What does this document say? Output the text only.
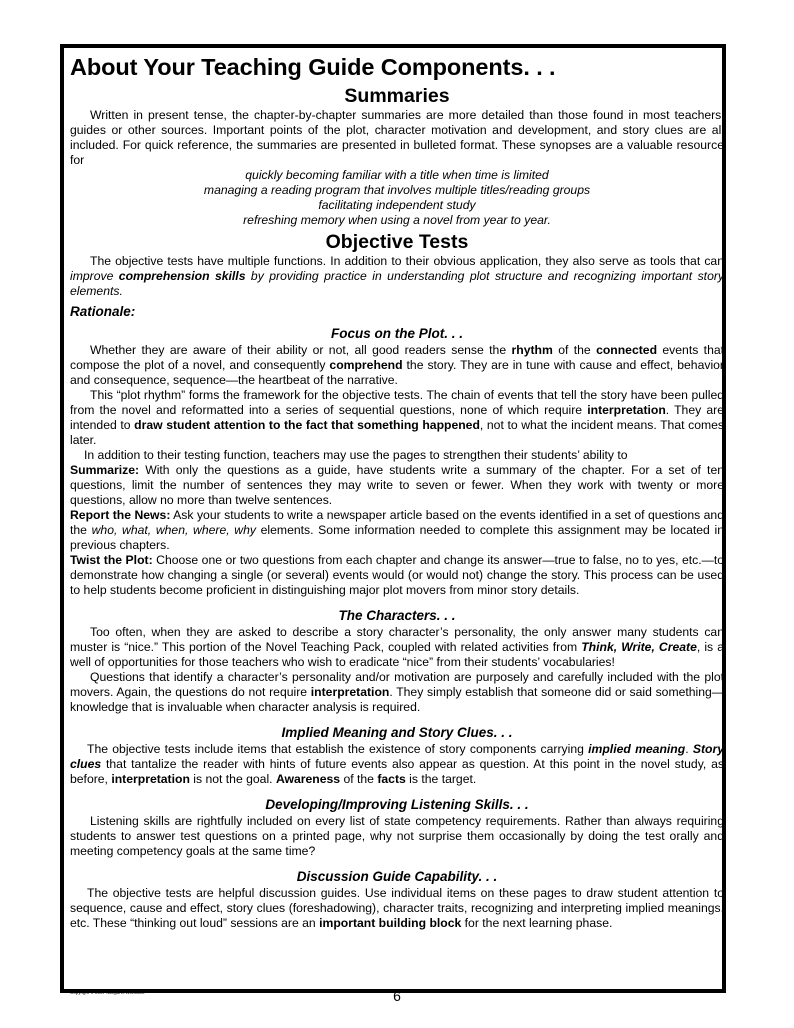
About Your Teaching Guide Components. . .
Summaries

Written in present tense, the chapter-by-chapter summaries are more detailed than those found in most teachers’ guides or other sources. Important points of the plot, character motivation and development, and story clues are all included. For quick reference, the summaries are presented in bulleted format. These synopses are a valuable resource for

quickly becoming familiar with a title when time is limited

managing a reading program that involves multiple titles/reading groups

facilitating independent study

refreshing memory when using a novel from year to year.

Objective Tests

The objective tests have multiple functions. In addition to their obvious application, they also serve as tools that can improve comprehension skills by providing practice in understanding plot structure and recognizing important story elements.

Rationale:

Focus on the Plot. . .

Whether they are aware of their ability or not, all good readers sense the rhythm of the connected events that compose the plot of a novel, and consequently comprehend the story. They are in tune with cause and effect, behavior and consequence, sequence—the heartbeat of the narrative.

This “plot rhythm” forms the framework for the objective tests. The chain of events that tell the story have been pulled from the novel and reformatted into a series of sequential questions, none of which require interpretation. They are intended to draw student attention to the fact that something happened, not to what the incident means. That comes later.

In addition to their testing function, teachers may use the pages to strengthen their students’ ability to

Summarize: With only the questions as a guide, have students write a summary of the chapter. For a set of ten questions, limit the number of sentences they may write to seven or fewer. When they work with twenty or more questions, allow no more than twelve sentences.

Report the News: Ask your students to write a newspaper article based on the events identified in a set of questions and the who, what, when, where, why elements. Some information needed to complete this assignment may be located in previous chapters.

Twist the Plot: Choose one or two questions from each chapter and change its answer—true to false, no to yes, etc.—to demonstrate how changing a single (or several) events would (or would not) change the story. This process can be used to help students become proficient in distinguishing major plot movers from minor story details.

The Characters. . .

Too often, when they are asked to describe a story character’s personality, the only answer many students can muster is “nice.” This portion of the Novel Teaching Pack, coupled with related activities from Think, Write, Create, is a well of opportunities for those teachers who wish to eradicate “nice” from their students’ vocabularies!

Questions that identify a character’s personality and/or motivation are purposely and carefully included with the plot movers. Again, the questions do not require interpretation. They simply establish that someone did or said something—knowledge that is invaluable when character analysis is required.

Implied Meaning and Story Clues. . .

The objective tests include items that establish the existence of story components carrying implied meaning. Story clues that tantalize the reader with hints of future events also appear as question. At this point in the novel study, as before, interpretation is not the goal. Awareness of the facts is the target.

Developing/Improving Listening Skills. . .

Listening skills are rightfully included on every list of state competency requirements. Rather than always requiring students to answer test questions on a printed page, why not surprise them occasionally by doing the test orally and meeting competency goals at the same time?

Discussion Guide Capability. . .

The objective tests are helpful discussion guides. Use individual items on these pages to draw student attention to sequence, cause and effect, story clues (foreshadowing), character traits, recognizing and interpreting implied meanings, etc. These “thinking out loud” sessions are an important building block for the next learning phase.

Copyright © 2007 Margaret Whisnant	6
